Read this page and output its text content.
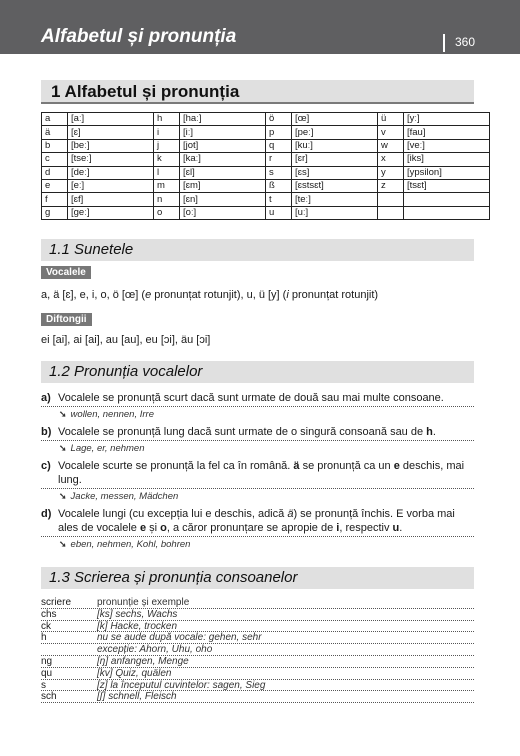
Alfabetul și pronunția	360
1 Alfabetul și pronunția
a	[aː]	h	[haː]	ö	[œ]	ü	[yː]
ä	[ɛ]	i	[iː]	p	[peː]	v	[fau]
b	[beː]	j	[jot]	q	[kuː]	w	[veː]
c	[tseː]	k	[kaː]	r	[ɛr]	x	[iks]
d	[deː]	l	[ɛl]	s	[ɛs]	y	[ypsilon]
e	[eː]	m	[ɛm]	ß	[ɛstsɛt]	z	[tsɛt]
f	[ɛf]	n	[ɛn]	t	[teː]		
g	[geː]	o	[oː]	u	[uː]		
1.1 Sunetele
Vocalele
a, ä [ɛ], e, i, o, ö [œ] (e pronunțat rotunjit), u, ü [y] (i pronunțat rotunjit)
Diftongii
ei [ai], ai [ai], au [au], eu [ɔi], äu [ɔi]
1.2 Pronunția vocalelor
a) Vocalele se pronunță scurt dacă sunt urmate de două sau mai multe consoane.
➘ wollen, nennen, Irre
b) Vocalele se pronunță lung dacă sunt urmate de o singură consoană sau de h.
➘ Lage, er, nehmen
c) Vocalele scurte se pronunță la fel ca în română. ä se pronunță ca un e deschis, mai lung.
➘ Jacke, messen, Mädchen
d) Vocalele lungi (cu excepția lui e deschis, adică ä) se pronunță închis. E vorba mai ales de vocalele e și o, a căror pronunțare se apropie de i, respectiv u.
➘ eben, nehmen, Kohl, bohren
1.3 Scrierea și pronunția consoanelor
scriere	pronunție și exemple
chs	[ks] sechs, Wachs
ck	[k] Hacke, trocken
h	nu se aude după vocale: gehen, sehr
excepție: Ahorn, Uhu, oho
ng	[ŋ] anfangen, Menge
qu	[kv] Quiz, quälen
s	[z] la începutul cuvintelor: sagen, Sieg
sch	[ʃ] schnell, Fleisch
